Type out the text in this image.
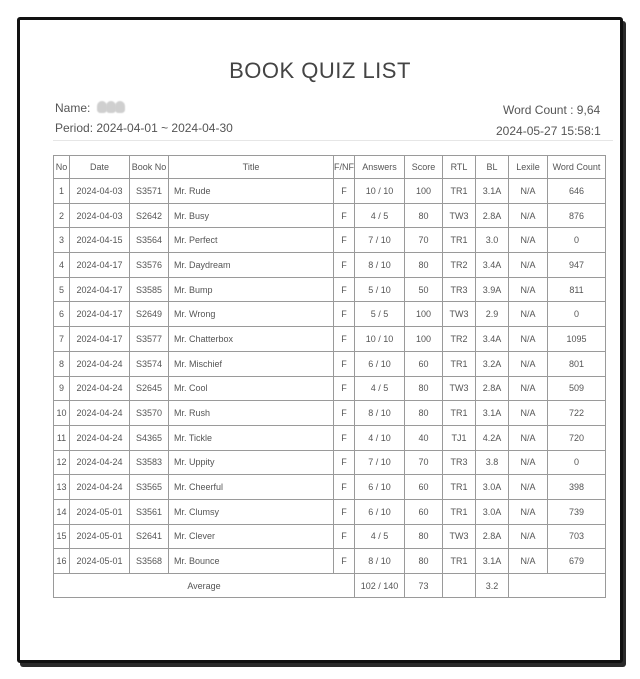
BOOK QUIZ LIST
Name:
Period: 2024-04-01 ~ 2024-04-30
Word Count : 9,64
2024-05-27 15:58:1
No	Date	Book No	Title	F/NF	Answers	Score	RTL	BL	Lexile	Word Count
1	2024-04-03	S3571	Mr. Rude	F	10 / 10	100	TR1	3.1A	N/A	646
2	2024-04-03	S2642	Mr. Busy	F	4 / 5	80	TW3	2.8A	N/A	876
3	2024-04-15	S3564	Mr. Perfect	F	7 / 10	70	TR1	3.0	N/A	0
4	2024-04-17	S3576	Mr. Daydream	F	8 / 10	80	TR2	3.4A	N/A	947
5	2024-04-17	S3585	Mr. Bump	F	5 / 10	50	TR3	3.9A	N/A	811
6	2024-04-17	S2649	Mr. Wrong	F	5 / 5	100	TW3	2.9	N/A	0
7	2024-04-17	S3577	Mr. Chatterbox	F	10 / 10	100	TR2	3.4A	N/A	1095
8	2024-04-24	S3574	Mr. Mischief	F	6 / 10	60	TR1	3.2A	N/A	801
9	2024-04-24	S2645	Mr. Cool	F	4 / 5	80	TW3	2.8A	N/A	509
10	2024-04-24	S3570	Mr. Rush	F	8 / 10	80	TR1	3.1A	N/A	722
11	2024-04-24	S4365	Mr. Tickle	F	4 / 10	40	TJ1	4.2A	N/A	720
12	2024-04-24	S3583	Mr. Uppity	F	7 / 10	70	TR3	3.8	N/A	0
13	2024-04-24	S3565	Mr. Cheerful	F	6 / 10	60	TR1	3.0A	N/A	398
14	2024-05-01	S3561	Mr. Clumsy	F	6 / 10	60	TR1	3.0A	N/A	739
15	2024-05-01	S2641	Mr. Clever	F	4 / 5	80	TW3	2.8A	N/A	703
16	2024-05-01	S3568	Mr. Bounce	F	8 / 10	80	TR1	3.1A	N/A	679
Average					102 / 140	73		3.2		
